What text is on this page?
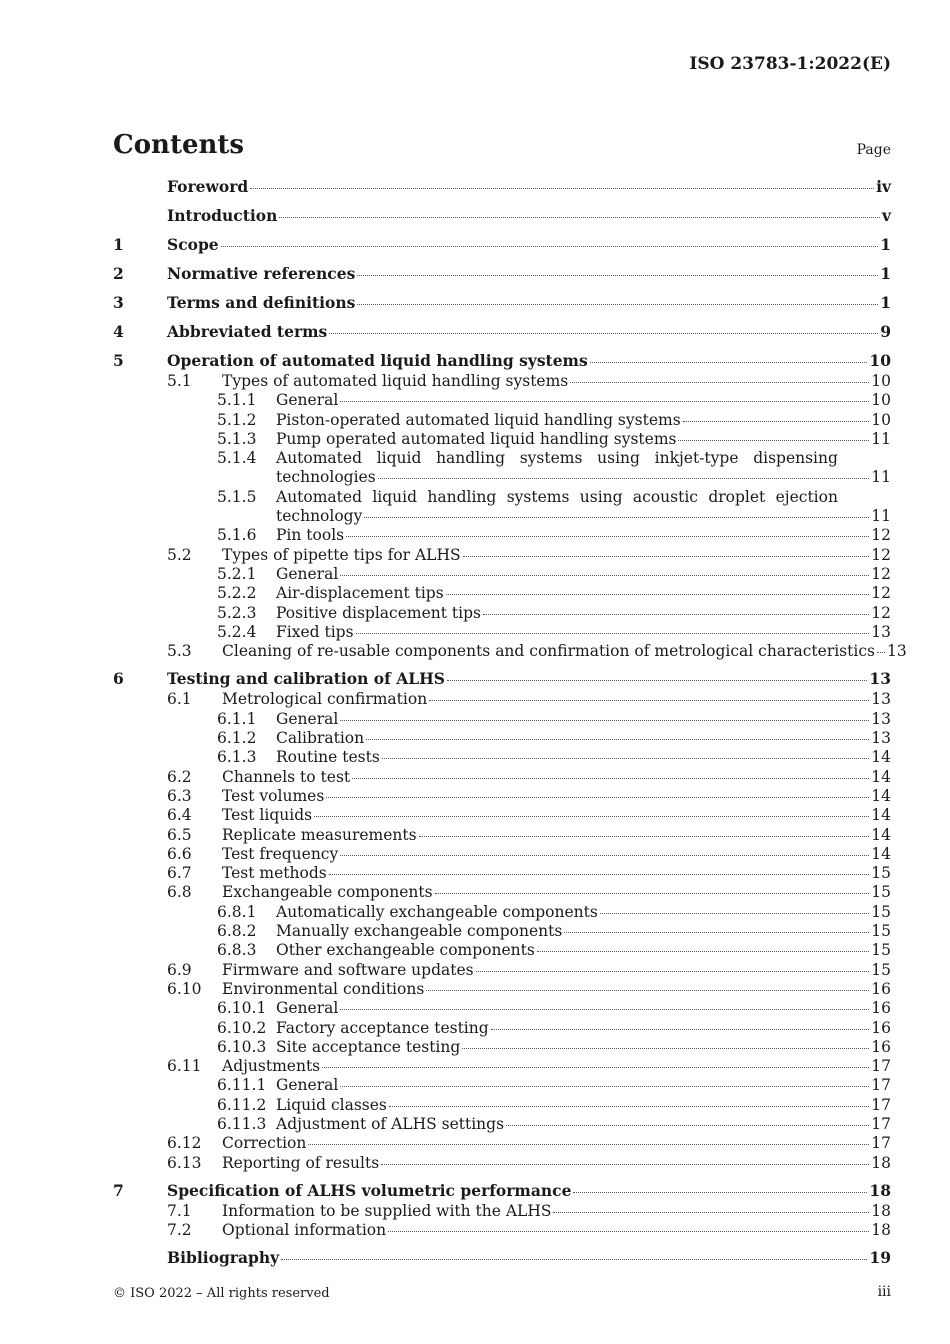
ISO 23783-1:2022(E)
Contents	Page
Foreword	iv
Introduction	v
1	Scope	1
2	Normative references	1
3	Terms and definitions	1
4	Abbreviated terms	9
5	Operation of automated liquid handling systems	10
5.1	Types of automated liquid handling systems	10
5.1.1	General	10
5.1.2	Piston-operated automated liquid handling systems	10
5.1.3	Pump operated automated liquid handling systems	11
5.1.4	Automated liquid handling systems using inkjet-type dispensing
technologies	11
5.1.5	Automated liquid handling systems using acoustic droplet ejection
technology	11
5.1.6	Pin tools	12
5.2	Types of pipette tips for ALHS	12
5.2.1	General	12
5.2.2	Air-displacement tips	12
5.2.3	Positive displacement tips	12
5.2.4	Fixed tips	13
5.3	Cleaning of re-usable components and confirmation of metrological characteristics 13
6	Testing and calibration of ALHS	13
6.1	Metrological confirmation	13
6.1.1	General	13
6.1.2	Calibration	13
6.1.3	Routine tests	14
6.2	Channels to test	14
6.3	Test volumes	14
6.4	Test liquids	14
6.5	Replicate measurements	14
6.6	Test frequency	14
6.7	Test methods	15
6.8	Exchangeable components	15
6.8.1	Automatically exchangeable components	15
6.8.2	Manually exchangeable components	15
6.8.3	Other exchangeable components	15
6.9	Firmware and software updates	15
6.10	Environmental conditions	16
6.10.1 General	16
6.10.2 Factory acceptance testing	16
6.10.3 Site acceptance testing	16
6.11	Adjustments	17
6.11.1 General	17
6.11.2 Liquid classes	17
6.11.3 Adjustment of ALHS settings	17
6.12	Correction	17
6.13	Reporting of results	18
7	Specification of ALHS volumetric performance	18
7.1	Information to be supplied with the ALHS	18
7.2	Optional information	18
Bibliography	19
© ISO 2022 – All rights reserved	iii
